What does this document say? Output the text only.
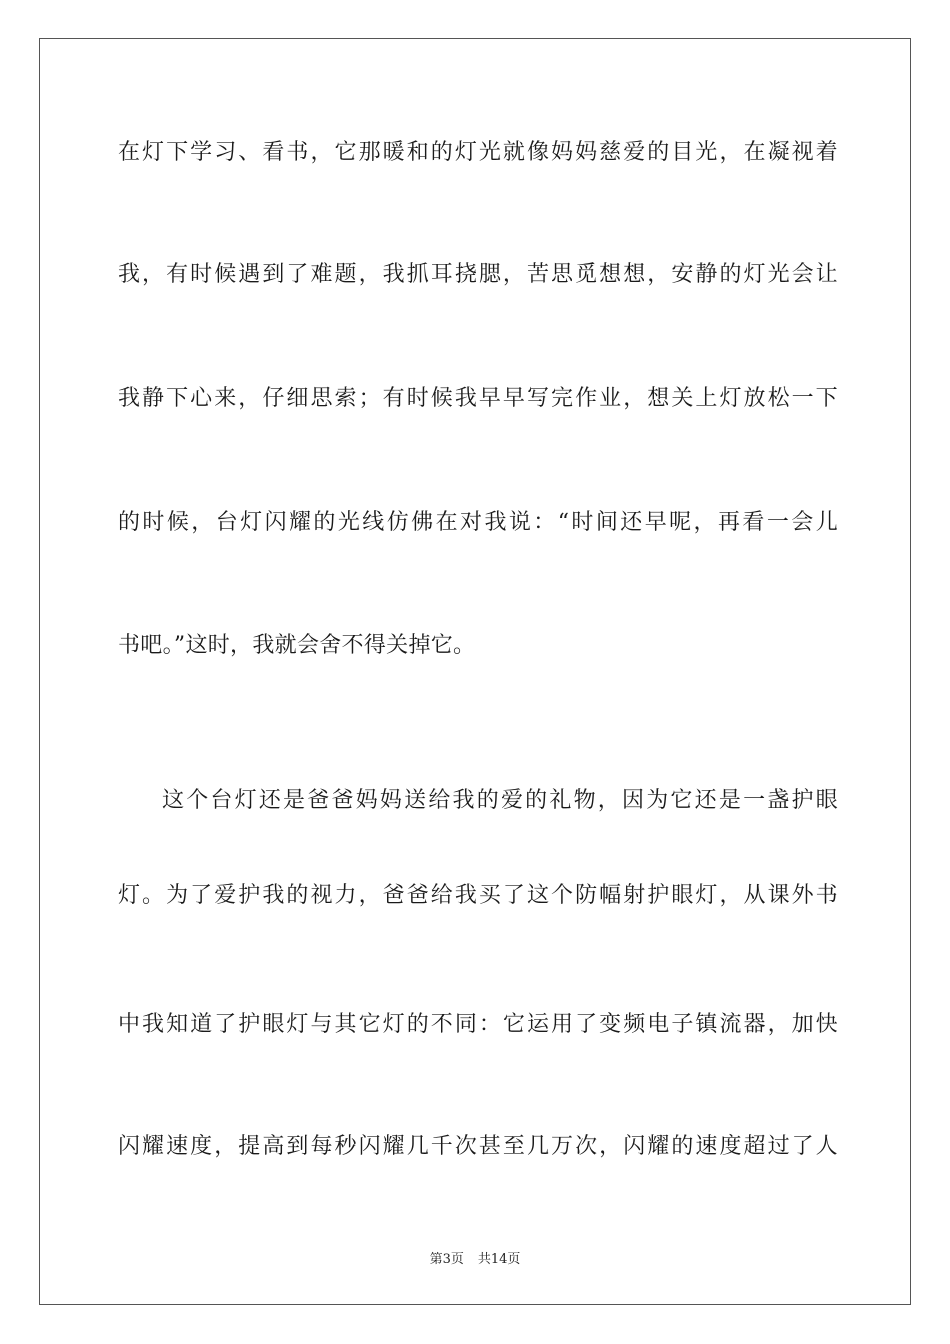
在灯下学习、看书，它那暖和的灯光就像妈妈慈爱的目光，在凝视着
我，有时候遇到了难题，我抓耳挠腮，苦思觅想想，安静的灯光会让
我静下心来，仔细思索；有时候我早早写完作业，想关上灯放松一下
的时候，台灯闪耀的光线仿佛在对我说：“时间还早呢，再看一会儿
书吧。”这时，我就会舍不得关掉它。
这个台灯还是爸爸妈妈送给我的爱的礼物，因为它还是一盏护眼
灯。为了爱护我的视力，爸爸给我买了这个防幅射护眼灯，从课外书
中我知道了护眼灯与其它灯的不同：它运用了变频电子镇流器，加快
闪耀速度，提高到每秒闪耀几千次甚至几万次，闪耀的速度超过了人
第3页 共14页
